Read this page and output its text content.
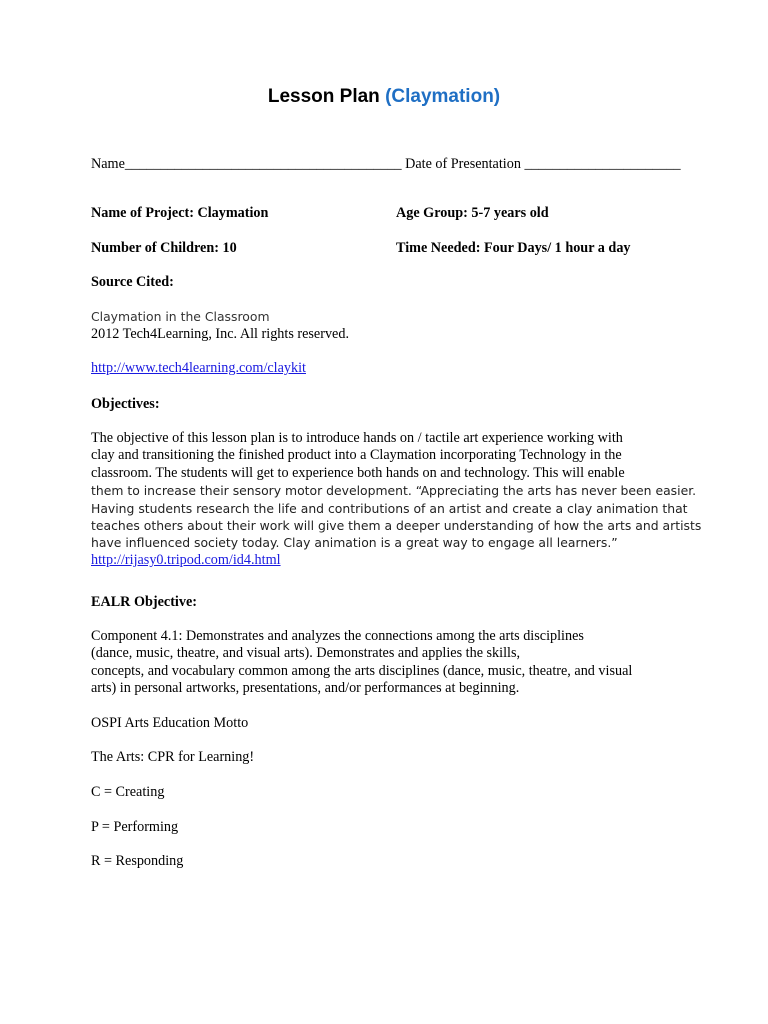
Lesson Plan (Claymation)
Name_______________________________________ Date of Presentation ______________________
Name of Project: Claymation	Age Group: 5-7 years old
Number of Children: 10	Time Needed: Four Days/ 1 hour a day
Source Cited:
Claymation in the Classroom
2012 Tech4Learning, Inc. All rights reserved.
http://www.tech4learning.com/claykit
Objectives:
The objective of this lesson plan is to introduce hands on / tactile art experience working with
clay and transitioning the finished product into a Claymation incorporating Technology in the
classroom. The students will get to experience both hands on and technology. This will enable
them to increase their sensory motor development. “Appreciating the arts has never been easier.
Having students research the life and contributions of an artist and create a clay animation that
teaches others about their work will give them a deeper understanding of how the arts and artists
have influenced society today. Clay animation is a great way to engage all learners.”
http://rijasy0.tripod.com/id4.html
EALR Objective:
Component 4.1: Demonstrates and analyzes the connections among the arts disciplines
(dance, music, theatre, and visual arts). Demonstrates and applies the skills,
concepts, and vocabulary common among the arts disciplines (dance, music, theatre, and visual
arts) in personal artworks, presentations, and/or performances at beginning.
OSPI Arts Education Motto
The Arts: CPR for Learning!
C = Creating
P = Performing
R = Responding
